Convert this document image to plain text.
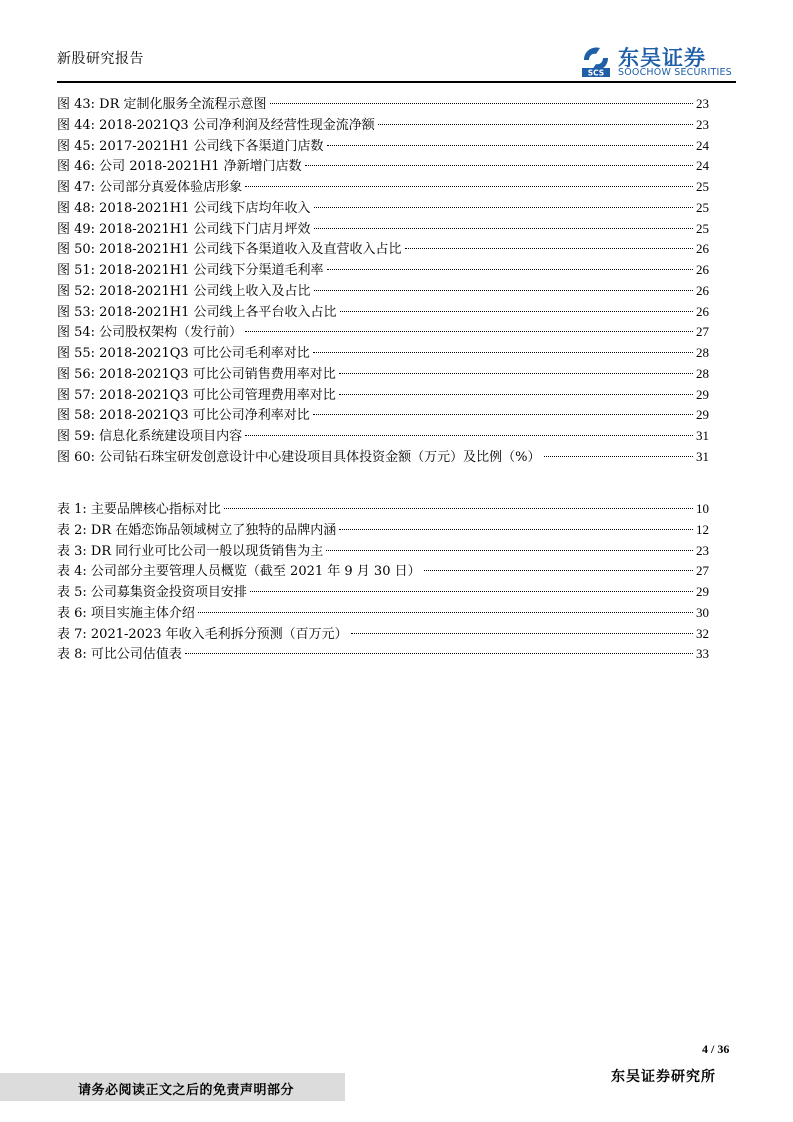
新股研究报告
SCS
东吴证券
SOOCHOW SECURITIES
图 43: DR 定制化服务全流程示意图	23
图 44: 2018-2021Q3 公司净利润及经营性现金流净额	23
图 45: 2017-2021H1 公司线下各渠道门店数	24
图 46: 公司 2018-2021H1 净新增门店数	24
图 47: 公司部分真爱体验店形象	25
图 48: 2018-2021H1 公司线下店均年收入	25
图 49: 2018-2021H1 公司线下门店月坪效	25
图 50: 2018-2021H1 公司线下各渠道收入及直营收入占比	26
图 51: 2018-2021H1 公司线下分渠道毛利率	26
图 52: 2018-2021H1 公司线上收入及占比	26
图 53: 2018-2021H1 公司线上各平台收入占比	26
图 54: 公司股权架构（发行前）	27
图 55: 2018-2021Q3 可比公司毛利率对比	28
图 56: 2018-2021Q3 可比公司销售费用率对比	28
图 57: 2018-2021Q3 可比公司管理费用率对比	29
图 58: 2018-2021Q3 可比公司净利率对比	29
图 59: 信息化系统建设项目内容	31
图 60: 公司钻石珠宝研发创意设计中心建设项目具体投资金额（万元）及比例（%）	31
表 1: 主要品牌核心指标对比	10
表 2: DR 在婚恋饰品领域树立了独特的品牌内涵	12
表 3: DR 同行业可比公司一般以现货销售为主	23
表 4: 公司部分主要管理人员概览（截至 2021 年 9 月 30 日）	27
表 5: 公司募集资金投资项目安排	29
表 6: 项目实施主体介绍	30
表 7: 2021-2023 年收入毛利拆分预测（百万元）	32
表 8: 可比公司估值表	33
4 / 36
请务必阅读正文之后的免责声明部分
东吴证券研究所
